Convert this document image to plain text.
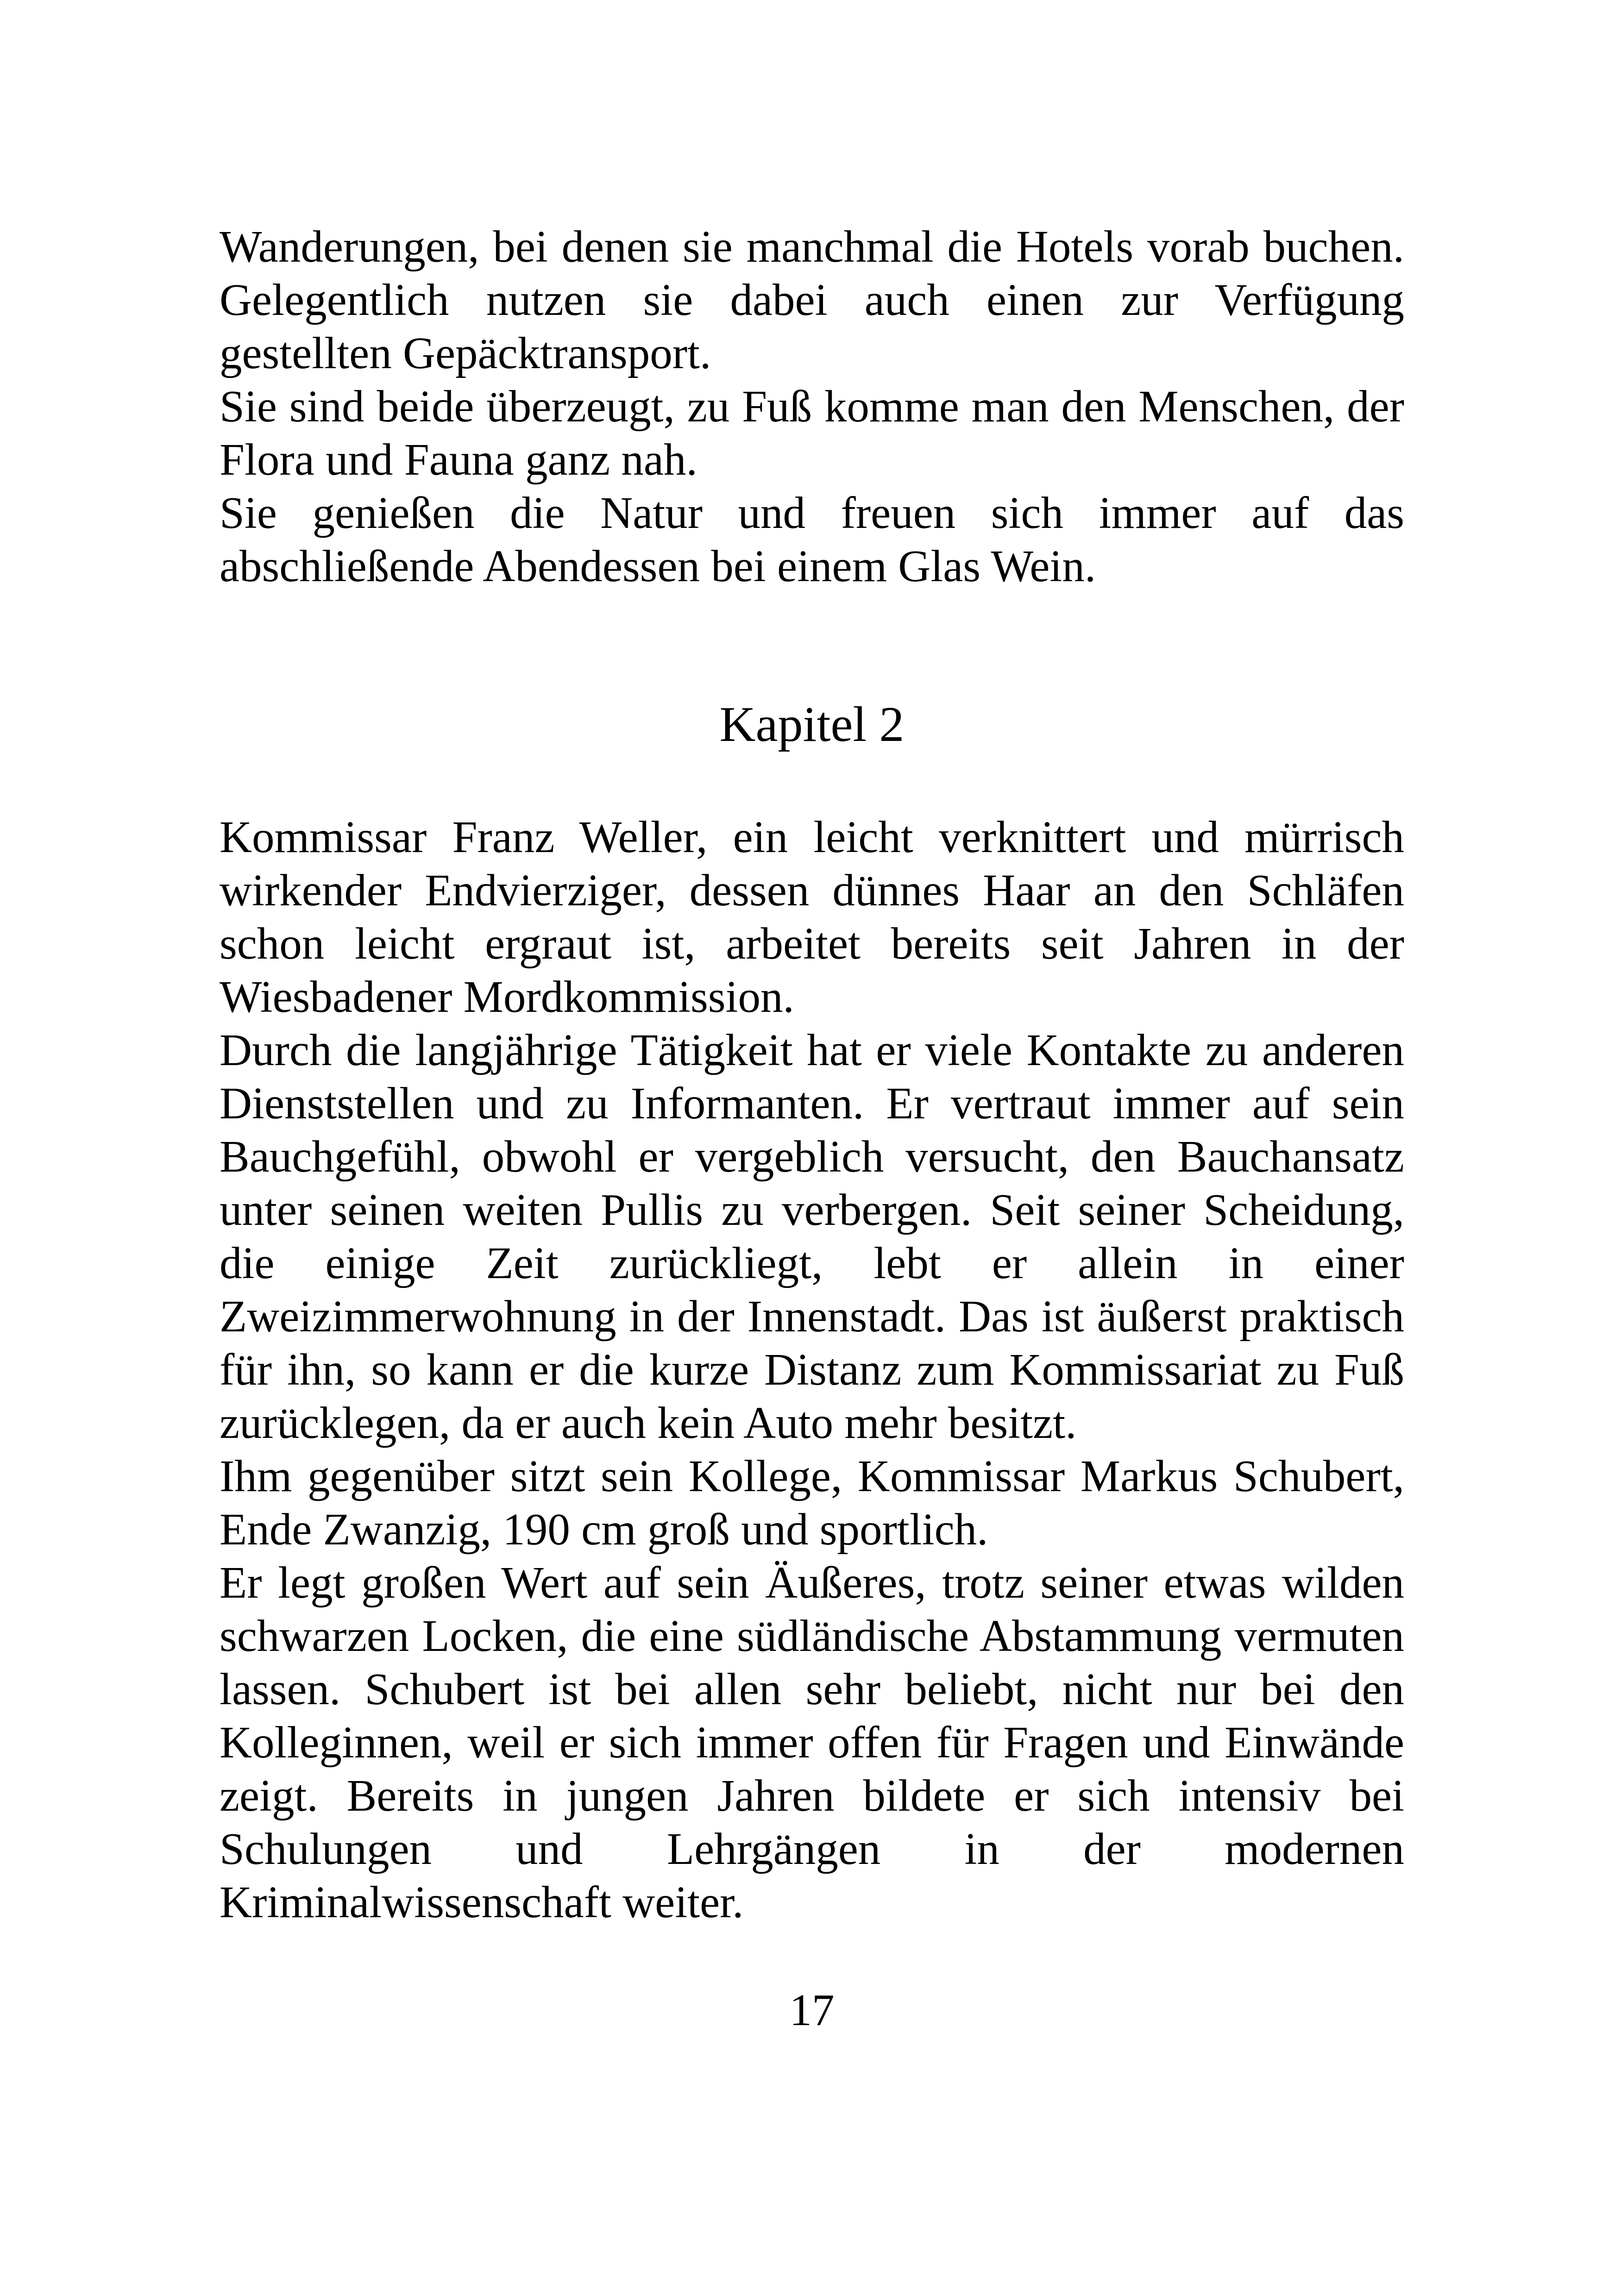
Wanderungen, bei denen sie manchmal die Hotels vorab buchen. Gelegentlich nutzen sie dabei auch einen zur Verfügung gestellten Gepäcktransport.

Sie sind beide überzeugt, zu Fuß komme man den Menschen, der Flora und Fauna ganz nah.

Sie genießen die Natur und freuen sich immer auf das abschließende Abendessen bei einem Glas Wein.

Kapitel 2

Kommissar Franz Weller, ein leicht verknittert und mürrisch wirkender Endvierziger, dessen dünnes Haar an den Schläfen schon leicht ergraut ist, arbeitet bereits seit Jahren in der Wiesbadener Mordkommission.

Durch die langjährige Tätigkeit hat er viele Kontakte zu anderen Dienststellen und zu Informanten. Er vertraut immer auf sein Bauchgefühl, obwohl er vergeblich versucht, den Bauchansatz unter seinen weiten Pullis zu verbergen. Seit seiner Scheidung, die einige Zeit zurückliegt, lebt er allein in einer Zweizimmerwohnung in der Innenstadt. Das ist äußerst praktisch für ihn, so kann er die kurze Distanz zum Kommissariat zu Fuß zurücklegen, da er auch kein Auto mehr besitzt.

Ihm gegenüber sitzt sein Kollege, Kommissar Markus Schubert, Ende Zwanzig, 190 cm groß und sportlich.

Er legt großen Wert auf sein Äußeres, trotz seiner etwas wilden schwarzen Locken, die eine südländische Abstammung vermuten lassen. Schubert ist bei allen sehr beliebt, nicht nur bei den Kolleginnen, weil er sich immer offen für Fragen und Einwände zeigt. Bereits in jungen Jahren bildete er sich intensiv bei Schulungen und Lehrgängen in der modernen Kriminalwissenschaft weiter.

17
